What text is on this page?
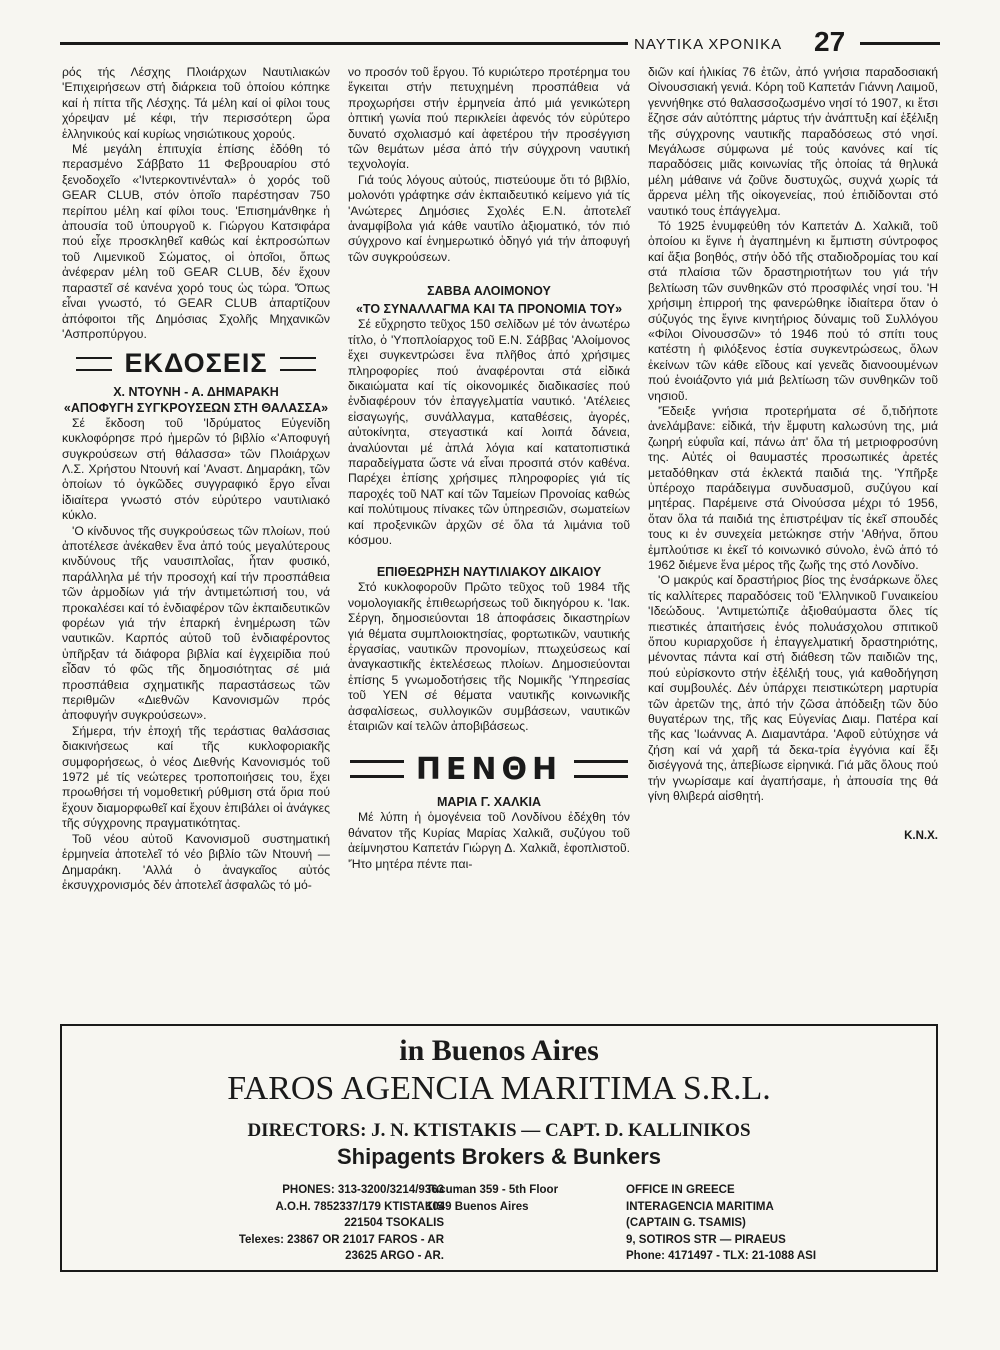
ΝΑΥΤΙΚΑ ΧΡΟΝΙΚΑ 27

ρός τής Λέσχης Πλοιάρχων Ναυτιλιακών 'Επιχειρήσεων στή διάρκεια τοῦ ὁποίου κόπηκε καί ἡ πίττα τῆς Λέσχης. Τά μέλη καί οἱ φίλοι τους χόρεψαν μέ κέφι, τήν περισσότερη ὥρα ἑλληνικούς καί κυρίως νησιώτικους χορούς.

Μέ μεγάλη ἐπιτυχία ἐπίσης ἐδόθη τό περασμένο Σάββατο 11 Φεβρουαρίου στό ξενοδοχεῖο «'Ιντερκοντινένταλ» ὁ χορός τοῦ GEAR CLUB, στόν ὁποῖο παρέστησαν 750 περίπου μέλη καί φίλοι τους. 'Επισημάνθηκε ἡ ἀπουσία τοῦ ὑπουργοῦ κ. Γιώργου Κατσιφάρα πού εἶχε προσκληθεῖ καθώς καί ἐκπροσώπων τοῦ Λιμενικοῦ Σώματος, οἱ ὁποῖοι, ὅπως ἀνέφεραν μέλη τοῦ GEAR CLUB, δέν ἔχουν παραστεῖ σέ κανένα χορό τους ὡς τώρα. 'Όπως εἶναι γνωστό, τό GEAR CLUB ἀπαρτίζουν ἀπόφοιτοι τῆς Δημόσιας Σχολῆς Μηχανικῶν 'Ασπροπύργου.

ΕΚΔΟΣΕΙΣ

Χ. ΝΤΟΥΝΗ - Α. ΔΗΜΑΡΑΚΗ

«ΑΠΟΦΥΓΗ ΣΥΓΚΡΟΥΣΕΩΝ ΣΤΗ ΘΑΛΑΣΣΑ»

Σέ ἔκδοση τοῦ 'Ιδρύματος Εὐγενίδη κυκλοφόρησε πρό ἡμερῶν τό βιβλίο «'Αποφυγή συγκρούσεων στή θάλασσα» τῶν Πλοιάρχων Λ.Σ. Χρήστου Ντουνή καί 'Αναστ. Δημαράκη, τῶν ὁποίων τό ὀγκῶδες συγγραφικό ἔργο εἶναι ἰδιαίτερα γνωστό στόν εὐρύτερο ναυτιλιακό κύκλο.

'Ο κίνδυνος τῆς συγκρούσεως τῶν πλοίων, πού ἀποτέλεσε ἀνέκαθεν ἕνα ἀπό τούς μεγαλύτερους κινδύνους τῆς ναυσιπλοΐας, ἦταν φυσικό, παράλληλα μέ τήν προσοχή καί τήν προσπάθεια τῶν ἁρμοδίων γιά τήν ἀντιμετώπισή του, νά προκαλέσει καί τό ἐνδιαφέρον τῶν ἐκπαιδευτικῶν φορέων γιά τήν ἐπαρκή ἐνημέρωση τῶν ναυτικῶν. Καρπός αὐτοῦ τοῦ ἐνδιαφέροντος ὑπῆρξαν τά διάφορα βιβλία καί ἐγχειρίδια πού εἶδαν τό φῶς τῆς δημοσιότητας σέ μιά προσπάθεια σχηματικῆς παραστάσεως τῶν περιθμῶν «Διεθνῶν Κανονισμῶν πρός ἀποφυγήν συγκρούσεων».

Σήμερα, τήν ἐποχή τῆς τεράστιας θαλάσσιας διακινήσεως καί τῆς κυκλοφοριακῆς συμφορήσεως, ὁ νέος Διεθνής Κανονισμός τοῦ 1972 μέ τίς νεώτερες τροποποιήσεις του, ἔχει προωθήσει τή νομοθετική ρύθμιση στά ὅρια πού ἔχουν διαμορφωθεῖ καί ἔχουν ἐπιβάλει οἱ ἀνάγκες τῆς σύγχρονης πραγματικότητας.

Τοῦ νέου αὐτοῦ Κανονισμοῦ συστηματική ἑρμηνεία ἀποτελεῖ τό νέο βιβλίο τῶν Ντουνή — Δημαράκη. 'Αλλά ὁ ἀναγκαῖος αὐτός ἐκσυγχρονισμός δέν ἀποτελεῖ ἀσφαλῶς τό μό-

νο προσόν τοῦ ἔργου. Τό κυριώτερο προτέρημα του ἔγκειται στήν πετυχημένη προσπάθεια νά προχωρήσει στήν ἑρμηνεία ἀπό μιά γενικώτερη ὀπτική γωνία πού περικλείει ἀφενός τόν εὐρύτερο δυνατό σχολιασμό καί ἀφετέρου τήν προσέγγιση τῶν θεμάτων μέσα ἀπό τήν σύγχρονη ναυτική τεχνολογία.

Γιά τούς λόγους αὐτούς, πιστεύουμε ὅτι τό βιβλίο, μολονότι γράφτηκε σάν ἐκπαιδευτικό κείμενο γιά τίς 'Ανώτερες Δημόσιες Σχολές Ε.Ν. ἀποτελεῖ ἀναμφίβολα γιά κάθε ναυτίλο ἀξιοματικό, τόν πιό σύγχρονο καί ἐνημερωτικό ὁδηγό γιά τήν ἀποφυγή τῶν συγκρούσεων.

ΣΑΒΒΑ ΑΛΟΙΜΟΝΟΥ

«ΤΟ ΣΥΝΑΛΛΑΓΜΑ ΚΑΙ ΤΑ ΠΡΟΝΟΜΙΑ ΤΟΥ»

Σέ εὔχρηστο τεῦχος 150 σελίδων μέ τόν ἀνωτέρω τίτλο, ὁ 'Υποπλοίαρχος τοῦ Ε.Ν. Σάββας 'Αλοίμονος ἔχει συγκεντρώσει ἕνα πλῆθος ἀπό χρήσιμες πληροφορίες πού ἀναφέρονται στά εἰδικά δικαιώματα καί τίς οἰκονομικές διαδικασίες πού ἐνδιαφέρουν τόν ἐπαγγελματία ναυτικό. 'Ατέλειες εἰσαγωγής, συνάλλαγμα, καταθέσεις, ἀγορές, αὐτοκίνητα, στεγαστικά καί λοιπά δάνεια, ἀναλύονται μέ ἁπλά λόγια καί κατατοπιστικά παραδείγματα ὥστε νά εἶναι προσιτά στόν καθένα. Παρέχει ἐπίσης χρήσιμες πληροφορίες γιά τίς παροχές τοῦ ΝΑΤ καί τῶν Ταμείων Προνοίας καθώς καί πολύτιμους πίνακες τῶν ὑπηρεσιῶν, σωματείων καί προξενικῶν ἀρχῶν σέ ὅλα τά λιμάνια τοῦ κόσμου.

ΕΠΙΘΕΩΡΗΣΗ ΝΑΥΤΙΛΙΑΚΟΥ ΔΙΚΑΙΟΥ

Στό κυκλοφοροῦν Πρῶτο τεῦχος τοῦ 1984 τῆς νομολογιακῆς ἐπιθεωρήσεως τοῦ δικηγόρου κ. 'Ιακ. Σέργη, δημοσιεύονται 18 ἀποφάσεις δικαστηρίων γιά θέματα συμπλοιοκτησίας, φορτωτικῶν, ναυτικής ἐργασίας, ναυτικῶν προνομίων, πτωχεύσεως καί ἀναγκαστικῆς ἐκτελέσεως πλοίων. Δημοσιεύονται ἐπίσης 5 γνωμοδοτήσεις τῆς Νομικῆς 'Υπηρεσίας τοῦ ΥΕΝ σέ θέματα ναυτικῆς κοινωνικῆς ἀσφαλίσεως, συλλογικῶν συμβάσεων, ναυτικῶν ἑταιριῶν καί τελῶν ἀποβιβάσεως.

ΠΕΝΘΗ

ΜΑΡΙΑ Γ. ΧΑΛΚΙΑ

Μέ λύπη ἡ ὁμογένεια τοῦ Λονδίνου ἐδέχθη τόν θάνατον τῆς Κυρίας Μαρίας Χαλκιᾶ, συζύγου τοῦ ἀείμνηστου Καπετάν Γιώργη Δ. Χαλκιᾶ, ἐφοπλιστοῦ. 'Ήτο μητέρα πέντε παι-

διῶν καί ἡλικίας 76 ἐτῶν, ἀπό γνήσια παραδοσιακή Οἰνουσσιακή γενιά. Κόρη τοῦ Καπετάν Γιάννη Λαιμοῦ, γεννήθηκε στό θαλασσοζωσμένο νησί τό 1907, κι ἔτσι ἔζησε σάν αὐτόπτης μάρτυς τήν ἀνάπτυξη καί ἐξέλιξη τῆς σύγχρονης ναυτικῆς παραδόσεως στό νησί. Μεγάλωσε σύμφωνα μέ τούς κανόνες καί τίς παραδόσεις μιᾶς κοινωνίας τῆς ὁποίας τά θηλυκά μέλη μάθαινε νά ζοῦνε δυστυχῶς, συχνά χωρίς τά ἄρρενα μέλη τῆς οἰκογενείας, πού ἐπιδίδονται στό ναυτικό τους ἐπάγγελμα.

Τό 1925 ἐνυμφεύθη τόν Καπετάν Δ. Χαλκιᾶ, τοῦ ὁποίου κι ἔγινε ἡ ἀγαπημένη κι ἔμπιστη σύντροφος καί ἄξια βοηθός, στήν ὁδό τῆς σταδιοδρομίας του καί στά πλαίσια τῶν δραστηριοτήτων του γιά τήν βελτίωση τῶν συνθηκῶν στό προσφιλές νησί του. 'Η χρήσιμη ἐπιρροή της φανερώθηκε ἰδιαίτερα ὅταν ὁ σύζυγός της ἔγινε κινητήριος δύναμις τοῦ Συλλόγου «Φίλοι Οἰνουσσῶν» τό 1946 πού τό σπίτι τους κατέστη ἡ φιλόξενος ἑστία συγκεντρώσεως, ὅλων ἐκείνων τῶν κάθε εἴδους καί γενεᾶς διανοουμένων πού ἐνοιάζοντο γιά μιά βελτίωση τῶν συνθηκῶν τοῦ νησιοῦ.

'Έδειξε γνήσια προτερήματα σέ ὅ,τιδήποτε ἀνελάμβανε: εἰδικά, τήν ἔμφυτη καλωσύνη της, μιά ζωηρή εὐφυΐα καί, πάνω ἀπ' ὅλα τή μετριοφροσύνη της. Αὐτές οἱ θαυμαστές προσωπικές ἀρετές μεταδόθηκαν στά ἐκλεκτά παιδιά της. 'Υπῆρξε ὑπέροχο παράδειγμα συνδυασμοῦ, συζύγου καί μητέρας. Παρέμεινε στά Οἰνούσσα μέχρι τό 1956, ὅταν ὅλα τά παιδιά της ἐπιστρέψαν τίς ἐκεῖ σπουδές τους κι ἐν συνεχεία μετώκησε στήν 'Αθήνα, ὅπου ἐμπλούτισε κι ἐκεῖ τό κοινωνικό σύνολο, ἐνῶ ἀπό τό 1962 διέμενε ἕνα μέρος τῆς ζωῆς της στό Λονδίνο.

'Ο μακρύς καί δραστήριος βίος της ἐνσάρκωνε ὅλες τίς καλλίτερες παραδόσεις τοῦ 'Ελληνικοῦ Γυναικείου 'Ιδεώδους. 'Αντιμετώπιζε ἀξιοθαύμαστα ὅλες τίς πιεστικές ἀπαιτήσεις ἑνός πολυάσχολου σπιτικοῦ ὅπου κυριαρχοῦσε ἡ ἐπαγγελματική δραστηριότης, μένοντας πάντα καί στή διάθεση τῶν παιδιῶν της, πού εὑρίσκοντο στήν ἐξέλιξή τους, γιά καθοδήγηση καί συμβουλές. Δέν ὑπάρχει πειστικώτερη μαρτυρία τῶν ἀρετῶν της, ἀπό τήν ζῶσα ἀπόδειξη τῶν δύο θυγατέρων της, τῆς κας Εὐγενίας Διαμ. Πατέρα καί τῆς κας 'Ιωάννας Α. Διαμαντάρα. 'Αφοῦ εὐτύχησε νά ζήση καί νά χαρῆ τά δεκα-τρία ἐγγόνια καί ἕξι δισέγγονά της, ἀπεβίωσε εἰρηνικά. Γιά μᾶς ὅλους πού τήν γνωρίσαμε καί ἀγαπήσαμε, ἡ ἀπουσία της θά γίνη θλιβερά αἰσθητή.

Κ.Ν.Χ.
in Buenos Aires
FAROS AGENCIA MARITIMA S.R.L.
DIRECTORS: J. N. KTISTAKIS — CAPT. D. KALLINIKOS
Shipagents Brokers & Bunkers
PHONES: 313-3200/3214/9363
A.O.H. 7852337/179 KTISTAKIS
221504 TSOKALIS
Telexes: 23867 OR 21017 FAROS - AR
23625 ARGO - AR.
Tucuman 359 - 5th Floor
1049 Buenos Aires
OFFICE IN GREECE
INTERAGENCIA MARITIMA
(CAPTAIN G. TSAMIS)
9, SOTIROS STR — PIRAEUS
Phone: 4171497 - TLX: 21-1088 ASI
